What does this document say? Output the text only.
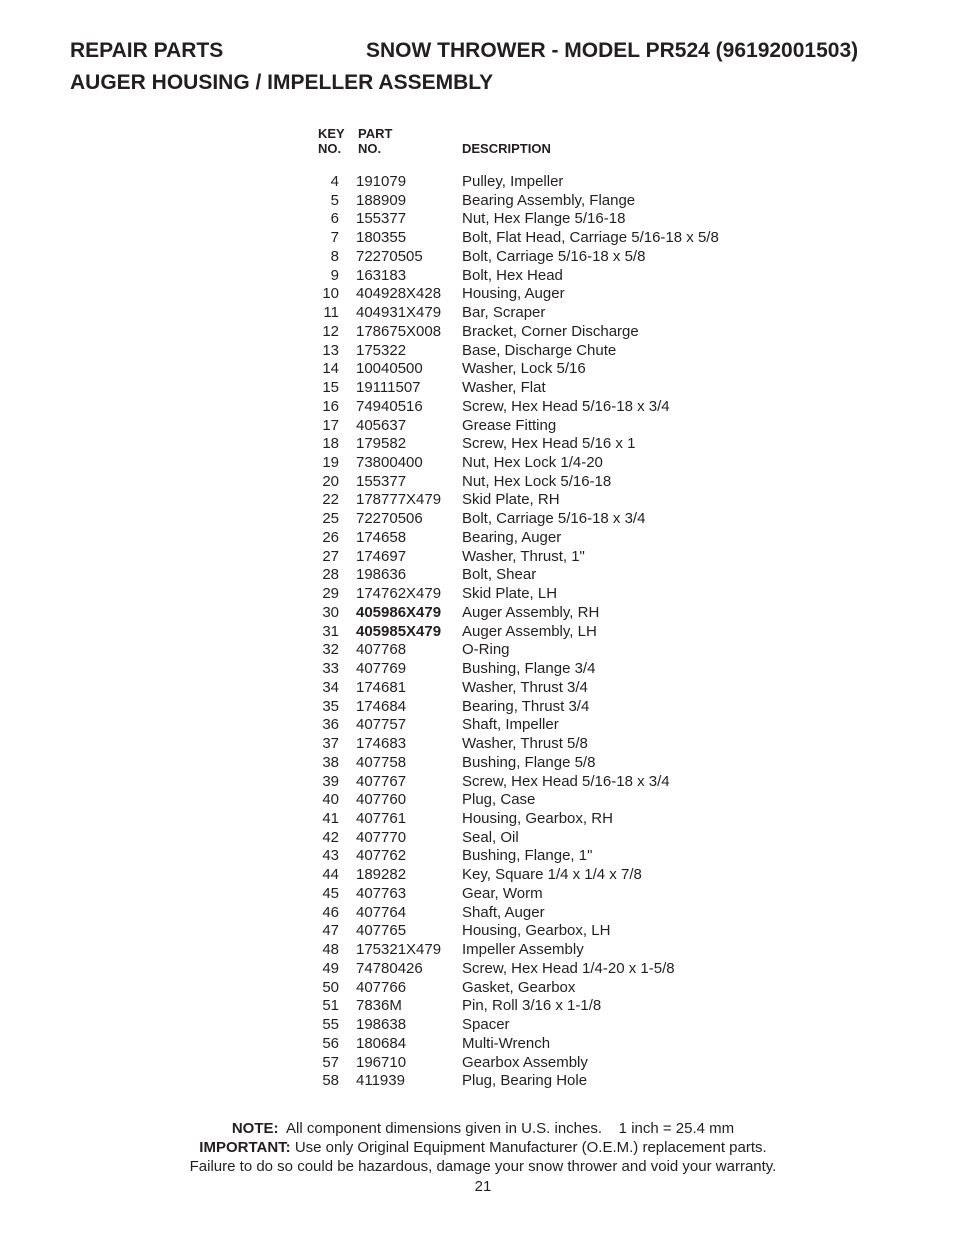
REPAIR PARTS	SNOW THROWER - MODEL PR524 (96192001503)
AUGER HOUSING / IMPELLER ASSEMBLY
KEY
NO.
PART
NO.	DESCRIPTION
4 191079	Pulley, Impeller
5 188909	Bearing Assembly, Flange
6 155377	Nut, Hex Flange 5/16-18
7 180355	Bolt, Flat Head, Carriage 5/16-18 x 5/8
8 72270505	Bolt, Carriage 5/16-18 x 5/8
9 163183	Bolt, Hex Head
10 404928X428 Housing, Auger
11 404931X479 Bar, Scraper
12 178675X008 Bracket, Corner Discharge
13 175322	Base, Discharge Chute
14 10040500	Washer, Lock 5/16
15 19111507	Washer, Flat
16 74940516	Screw, Hex Head 5/16-18 x 3/4
17 405637	Grease Fitting
18 179582	Screw, Hex Head 5/16 x 1
19 73800400	Nut, Hex Lock 1/4-20
20 155377	Nut, Hex Lock 5/16-18
22 178777X479 Skid Plate, RH
25 72270506	Bolt, Carriage 5/16-18 x 3/4
26 174658	Bearing, Auger
27 174697	Washer, Thrust, 1"
28 198636	Bolt, Shear
29 174762X479 Skid Plate, LH
30 405986X479 Auger Assembly, RH
31 405985X479 Auger Assembly, LH
32 407768	O-Ring
33 407769	Bushing, Flange 3/4
34 174681	Washer, Thrust 3/4
35 174684	Bearing, Thrust 3/4
36 407757	Shaft, Impeller
37 174683	Washer, Thrust 5/8
38 407758	Bushing, Flange 5/8
39 407767	Screw, Hex Head 5/16-18 x 3/4
40 407760	Plug, Case
41 407761	Housing, Gearbox, RH
42 407770	Seal, Oil
43 407762	Bushing, Flange, 1"
44 189282	Key, Square 1/4 x 1/4 x 7/8
45 407763	Gear, Worm
46 407764	Shaft, Auger
47 407765	Housing, Gearbox, LH
48 175321X479 Impeller Assembly
49 74780426	Screw, Hex Head 1/4-20 x 1-5/8
50 407766	Gasket, Gearbox
51 7836M	Pin, Roll 3/16 x 1-1/8
55 198638	Spacer
56 180684	Multi-Wrench
57 196710	Gearbox Assembly
58 411939	Plug, Bearing Hole
NOTE: All component dimensions given in U.S. inches.    1 inch = 25.4 mm
IMPORTANT: Use only Original Equipment Manufacturer (O.E.M.) replacement parts.
Failure to do so could be hazardous, damage your snow thrower and void your warranty.
21
